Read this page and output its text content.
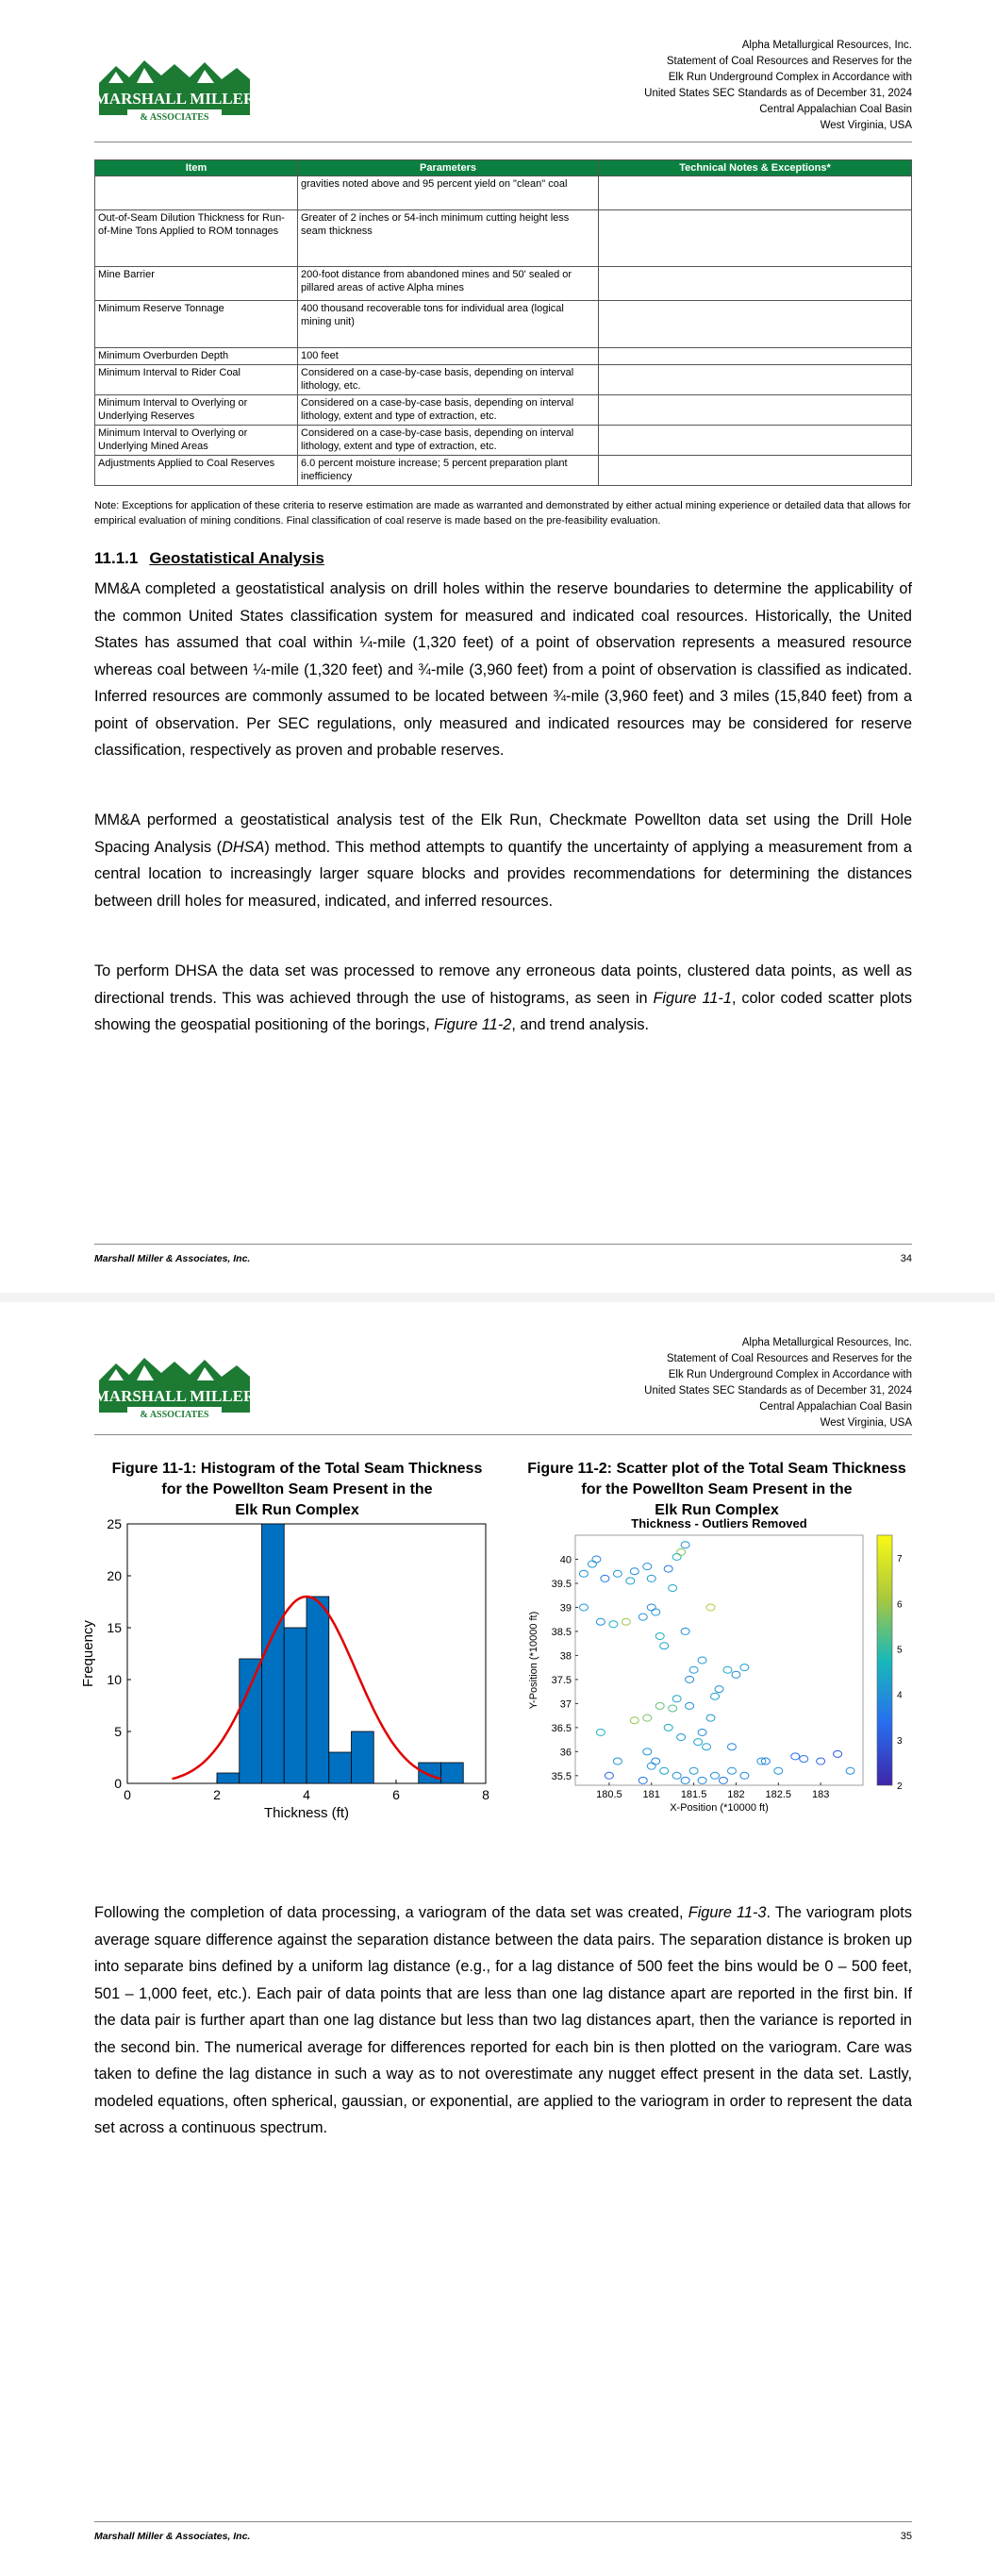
MARSHALL MILLER
& ASSOCIATES
Alpha Metallurgical Resources, Inc.
Statement of Coal Resources and Reserves for the
Elk Run Underground Complex in Accordance with
United States SEC Standards as of December 31, 2024
Central Appalachian Coal Basin
West Virginia, USA
Item	Parameters	Technical Notes & Exceptions*
	gravities noted above and 95 percent yield on "clean" coal	
Out-of-Seam Dilution Thickness for Run-of-Mine Tons Applied to ROM tonnages	Greater of 2 inches or 54-inch minimum cutting height less seam thickness	
Mine Barrier	200-foot distance from abandoned mines and 50' sealed or pillared areas of active Alpha mines	
Minimum Reserve Tonnage	400 thousand recoverable tons for individual area (logical mining unit)	
Minimum Overburden Depth	100 feet	
Minimum Interval to Rider Coal	Considered on a case-by-case basis, depending on interval lithology, etc.	
Minimum Interval to Overlying or Underlying Reserves	Considered on a case-by-case basis, depending on interval lithology, extent and type of extraction, etc.	
Minimum Interval to Overlying or Underlying Mined Areas	Considered on a case-by-case basis, depending on interval lithology, extent and type of extraction, etc.	
Adjustments Applied to Coal Reserves	6.0 percent moisture increase; 5 percent preparation plant inefficiency	
Note: Exceptions for application of these criteria to reserve estimation are made as warranted and demonstrated by either actual mining experience or detailed data that allows for empirical evaluation of mining conditions. Final classification of coal reserve is made based on the pre-feasibility evaluation.
11.1.1 Geostatistical Analysis
MM&A completed a geostatistical analysis on drill holes within the reserve boundaries to determine the applicability of the common United States classification system for measured and indicated coal resources. Historically, the United States has assumed that coal within ¼-mile (1,320 feet) of a point of observation represents a measured resource whereas coal between ¼-mile (1,320 feet) and ¾-mile (3,960 feet) from a point of observation is classified as indicated. Inferred resources are commonly assumed to be located between ¾-mile (3,960 feet) and 3 miles (15,840 feet) from a point of observation. Per SEC regulations, only measured and indicated resources may be considered for reserve classification, respectively as proven and probable reserves.
MM&A performed a geostatistical analysis test of the Elk Run, Checkmate Powellton data set using the Drill Hole Spacing Analysis (DHSA) method. This method attempts to quantify the uncertainty of applying a measurement from a central location to increasingly larger square blocks and provides recommendations for determining the distances between drill holes for measured, indicated, and inferred resources.
To perform DHSA the data set was processed to remove any erroneous data points, clustered data points, as well as directional trends. This was achieved through the use of histograms, as seen in Figure 11-1, color coded scatter plots showing the geospatial positioning of the borings, Figure 11-2, and trend analysis.
Marshall Miller & Associates, Inc.	34
MARSHALL MILLER
& ASSOCIATES
Alpha Metallurgical Resources, Inc.
Statement of Coal Resources and Reserves for the
Elk Run Underground Complex in Accordance with
United States SEC Standards as of December 31, 2024
Central Appalachian Coal Basin
West Virginia, USA
Figure 11-1: Histogram of the Total Seam Thickness
for the Powellton Seam Present in the
Elk Run Complex
Figure 11-2: Scatter plot of the Total Seam Thickness
for the Powellton Seam Present in the
Elk Run Complex
0	2	4	6	8
0
5
10
15
20
25
Thickness (ft)
Frequency
Thickness - Outliers Removed
180.5 181 181.5 182 182.5 183
35.5
36
36.5
37
37.5
38
38.5
39
39.5
40
X-Position (*10000 ft)
Y-Position (*10000 ft)
2
3
4
5
6
7
Following the completion of data processing, a variogram of the data set was created, Figure 11-3. The variogram plots average square difference against the separation distance between the data pairs. The separation distance is broken up into separate bins defined by a uniform lag distance (e.g., for a lag distance of 500 feet the bins would be 0 – 500 feet, 501 – 1,000 feet, etc.). Each pair of data points that are less than one lag distance apart are reported in the first bin. If the data pair is further apart than one lag distance but less than two lag distances apart, then the variance is reported in the second bin. The numerical average for differences reported for each bin is then plotted on the variogram. Care was taken to define the lag distance in such a way as to not overestimate any nugget effect present in the data set. Lastly, modeled equations, often spherical, gaussian, or exponential, are applied to the variogram in order to represent the data set across a continuous spectrum.
Marshall Miller & Associates, Inc.	35
